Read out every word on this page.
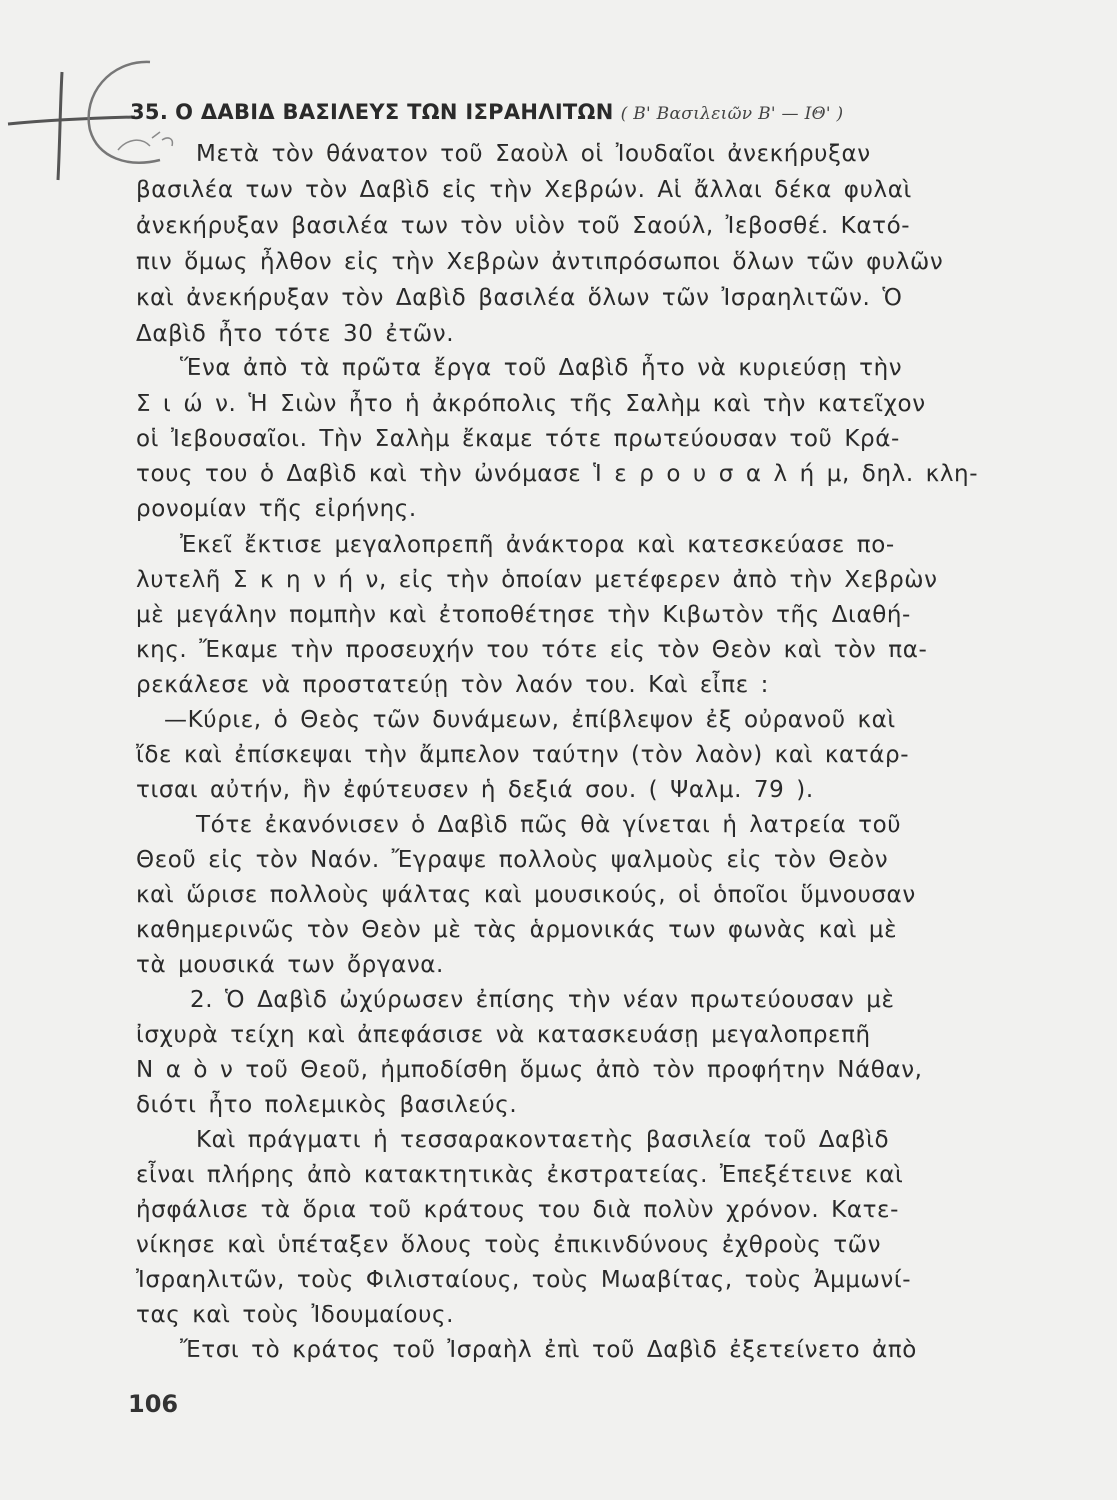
35. Ο ΔΑΒΙΔ ΒΑΣΙΛΕΥΣ ΤΩΝ ΙΣΡΑΗΛΙΤΩΝ ( Β' Βασιλειῶν Β' — ΙΘ' )
Μετὰ τὸν θάνατον τοῦ Σαοὺλ οἱ Ἰουδαῖοι ἀνεκήρυξαν
βασιλέα των τὸν Δαβὶδ εἰς τὴν Χεβρών. Αἱ ἄλλαι δέκα φυλαὶ
ἀνεκήρυξαν βασιλέα των τὸν υἱὸν τοῦ Σαούλ, Ἰεβοσθέ. Κατό-
πιν ὅμως ἦλθον εἰς τὴν Χεβρὼν ἀντιπρόσωποι ὅλων τῶν φυλῶν
καὶ ἀνεκήρυξαν τὸν Δαβὶδ βασιλέα ὅλων τῶν Ἰσραηλιτῶν. Ὁ
Δαβὶδ ἦτο τότε 30 ἐτῶν.
Ἕνα ἀπὸ τὰ πρῶτα ἔργα τοῦ Δαβὶδ ἦτο νὰ κυριεύσῃ τὴν
Σ ι ώ ν. Ἡ Σιὼν ἦτο ἡ ἀκρόπολις τῆς Σαλὴμ καὶ τὴν κατεῖχον
οἱ Ἰεβουσαῖοι. Τὴν Σαλὴμ ἔκαμε τότε πρωτεύουσαν τοῦ Κρά-
τους του ὁ Δαβὶδ καὶ τὴν ὠνόμασε Ἱ ε ρ ο υ σ α λ ή μ, δηλ. κλη-
ρονομίαν τῆς εἰρήνης.
Ἐκεῖ ἔκτισε μεγαλοπρεπῆ ἀνάκτορα καὶ κατεσκεύασε πο-
λυτελῆ Σ κ η ν ή ν, εἰς τὴν ὁποίαν μετέφερεν ἀπὸ τὴν Χεβρὼν
μὲ μεγάλην πομπὴν καὶ ἐτοποθέτησε τὴν Κιβωτὸν τῆς Διαθή-
κης. Ἔκαμε τὴν προσευχήν του τότε εἰς τὸν Θεὸν καὶ τὸν πα-
ρεκάλεσε νὰ προστατεύῃ τὸν λαόν του. Καὶ εἶπε :
—Κύριε, ὁ Θεὸς τῶν δυνάμεων, ἐπίβλεψον ἐξ οὐρανοῦ καὶ
ἴδε καὶ ἐπίσκεψαι τὴν ἄμπελον ταύτην (τὸν λαὸν) καὶ κατάρ-
τισαι αὐτήν, ἣν ἐφύτευσεν ἡ δεξιά σου. ( Ψαλμ. 79 ).
Τότε ἐκανόνισεν ὁ Δαβὶδ πῶς θὰ γίνεται ἡ λατρεία τοῦ
Θεοῦ εἰς τὸν Ναόν. Ἔγραψε πολλοὺς ψαλμοὺς εἰς τὸν Θεὸν
καὶ ὥρισε πολλοὺς ψάλτας καὶ μουσικούς, οἱ ὁποῖοι ὕμνουσαν
καθημερινῶς τὸν Θεὸν μὲ τὰς ἁρμονικάς των φωνὰς καὶ μὲ
τὰ μουσικά των ὄργανα.
2. Ὁ Δαβὶδ ὠχύρωσεν ἐπίσης τὴν νέαν πρωτεύουσαν μὲ
ἰσχυρὰ τείχη καὶ ἀπεφάσισε νὰ κατασκευάσῃ μεγαλοπρεπῆ
Ν α ὸ ν τοῦ Θεοῦ, ἠμποδίσθη ὅμως ἀπὸ τὸν προφήτην Νάθαν,
διότι ἦτο πολεμικὸς βασιλεύς.
Καὶ πράγματι ἡ τεσσαρακονταετὴς βασιλεία τοῦ Δαβὶδ
εἶναι πλήρης ἀπὸ κατακτητικὰς ἐκστρατείας. Ἐπεξέτεινε καὶ
ἠσφάλισε τὰ ὅρια τοῦ κράτους του διὰ πολὺν χρόνον. Κατε-
νίκησε καὶ ὑπέταξεν ὅλους τοὺς ἐπικινδύνους ἐχθροὺς τῶν
Ἰσραηλιτῶν, τοὺς Φιλισταίους, τοὺς Μωαβίτας, τοὺς Ἀμμωνί-
τας καὶ τοὺς Ἰδουμαίους.
Ἔτσι τὸ κράτος τοῦ Ἰσραὴλ ἐπὶ τοῦ Δαβὶδ ἐξετείνετο ἀπὸ
106
